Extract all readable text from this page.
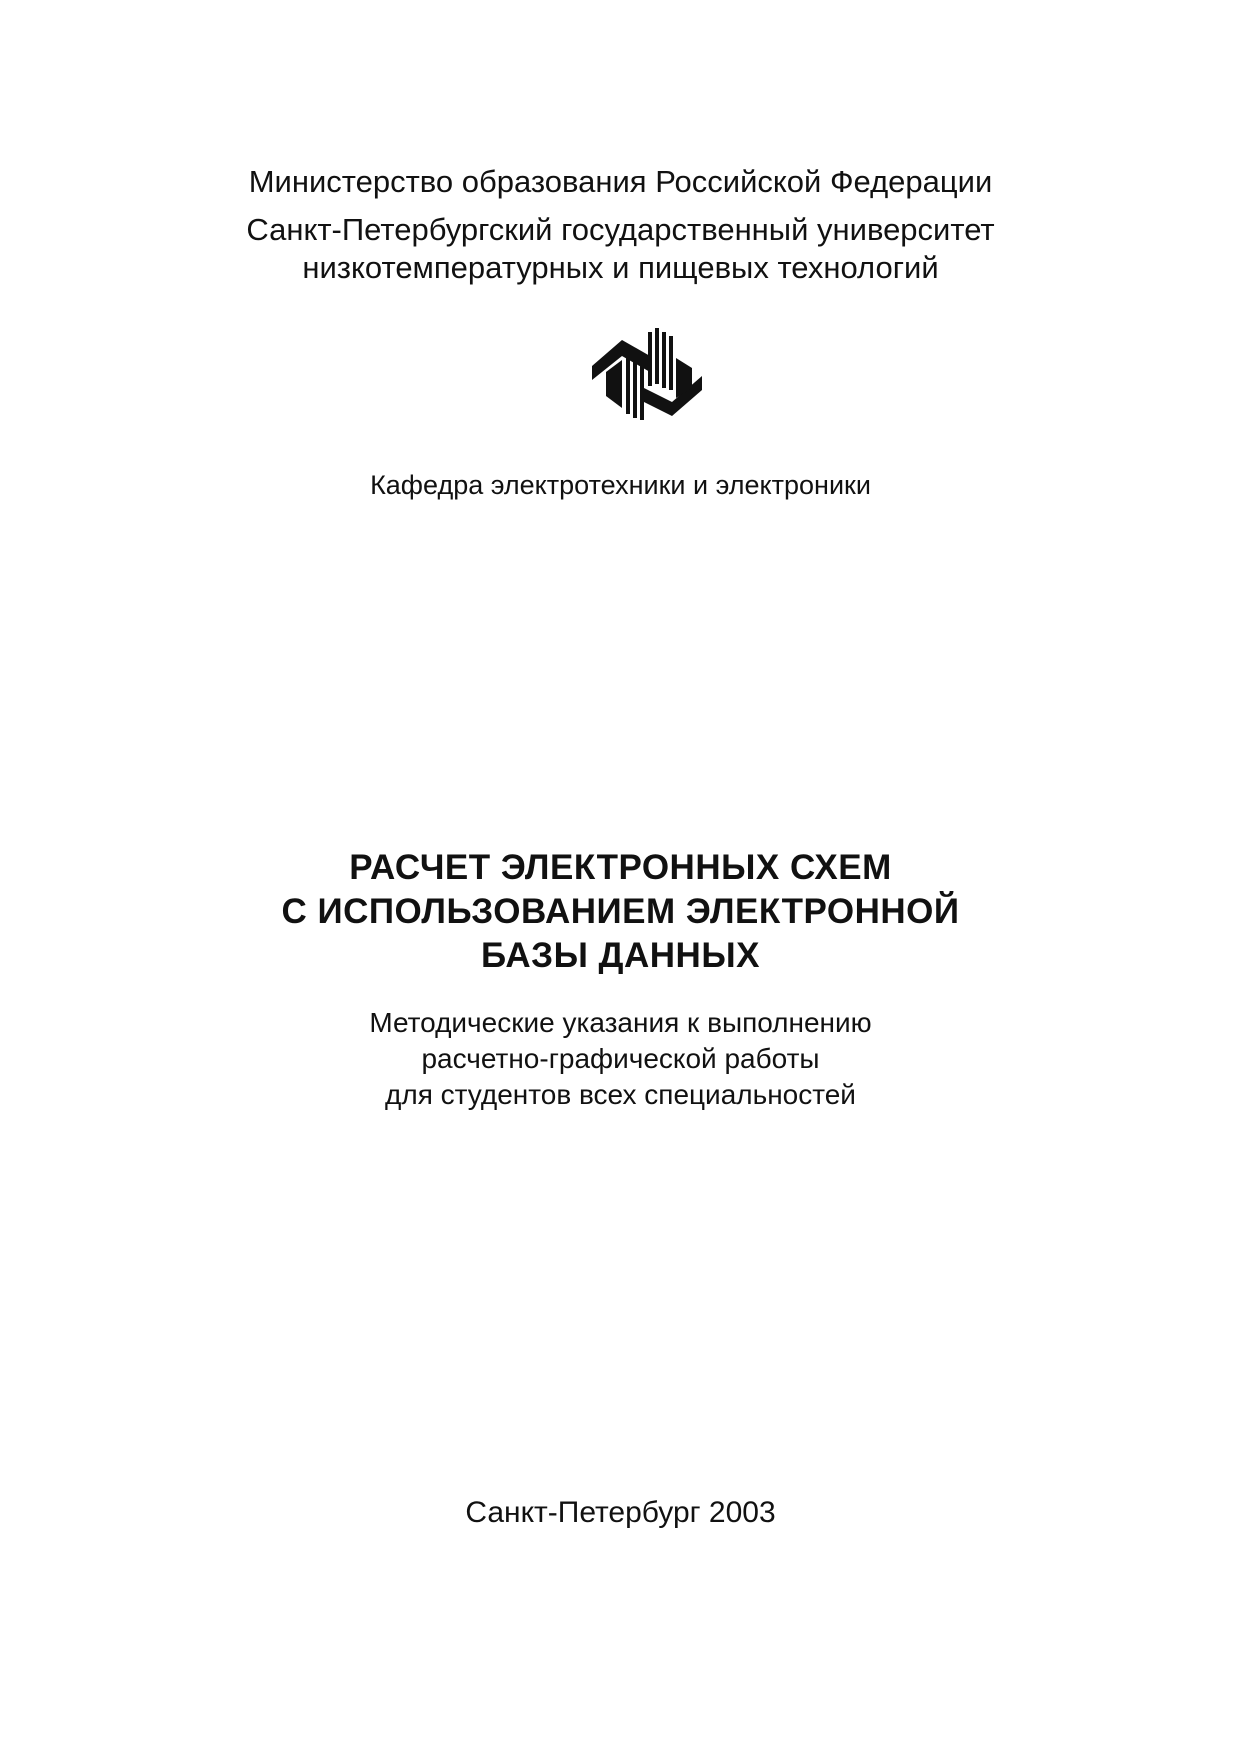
Министерство образования Российской Федерации
Санкт-Петербургский государственный университет
низкотемпературных и пищевых технологий
Кафедра электротехники и электроники
РАСЧЕТ ЭЛЕКТРОННЫХ СХЕМ
С ИСПОЛЬЗОВАНИЕМ ЭЛЕКТРОННОЙ
БАЗЫ ДАННЫХ
Методические указания к выполнению
расчетно-графической работы
для студентов всех специальностей
Санкт-Петербург 2003
